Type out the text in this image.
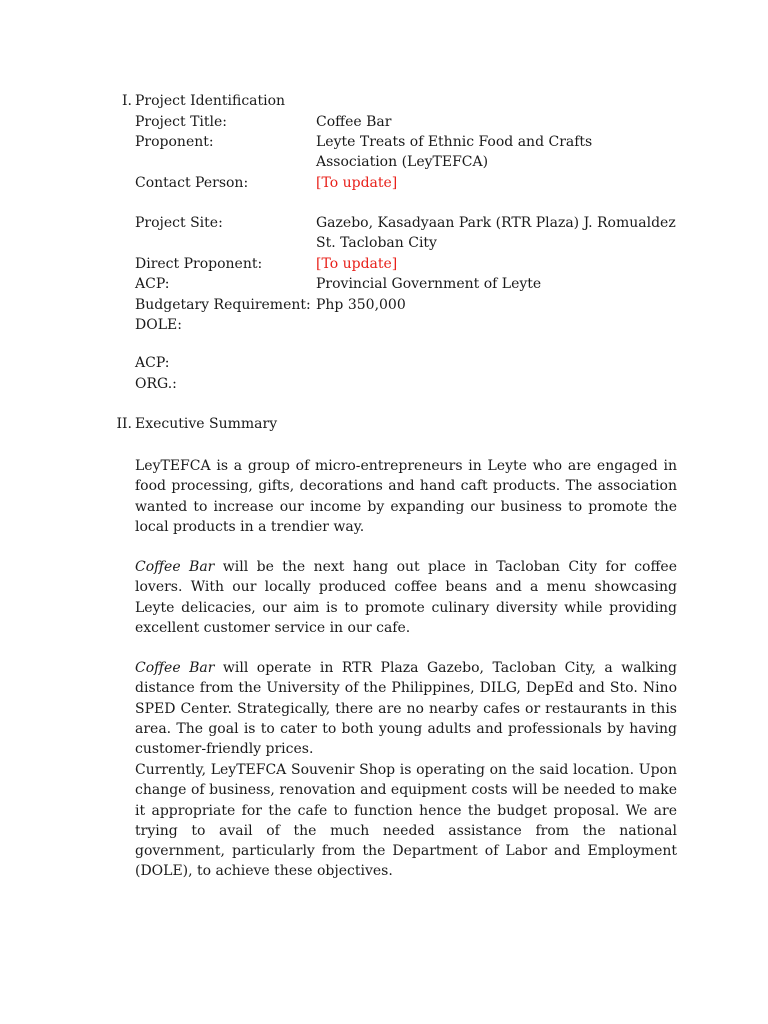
I. Project Identification
Project Title:	Coffee Bar
Proponent:	Leyte Treats of Ethnic Food and Crafts Association (LeyTEFCA)
Contact Person:	[To update]
Project Site:	Gazebo, Kasadyaan Park (RTR Plaza) J. Romualdez St. Tacloban City
Direct Proponent:	[To update]
ACP:	Provincial Government of Leyte
Budgetary Requirement: Php 350,000
DOLE:
ACP:
ORG.:
II. Executive Summary

LeyTEFCA is a group of micro-entrepreneurs in Leyte who are engaged in food processing, gifts, decorations and hand caft products. The association wanted to increase our income by expanding our business to promote the local products in a trendier way.

Coffee Bar will be the next hang out place in Tacloban City for coffee lovers. With our locally produced coffee beans and a menu showcasing Leyte delicacies, our aim is to promote culinary diversity while providing excellent customer service in our cafe.

Coffee Bar will operate in RTR Plaza Gazebo, Tacloban City, a walking distance from the University of the Philippines, DILG, DepEd and Sto. Nino SPED Center. Strategically, there are no nearby cafes or restaurants in this area. The goal is to cater to both young adults and professionals by having customer-friendly prices.

Currently, LeyTEFCA Souvenir Shop is operating on the said location. Upon change of business, renovation and equipment costs will be needed to make it appropriate for the cafe to function hence the budget proposal. We are trying to avail of the much needed assistance from the national government, particularly from the Department of Labor and Employment (DOLE), to achieve these objectives.
